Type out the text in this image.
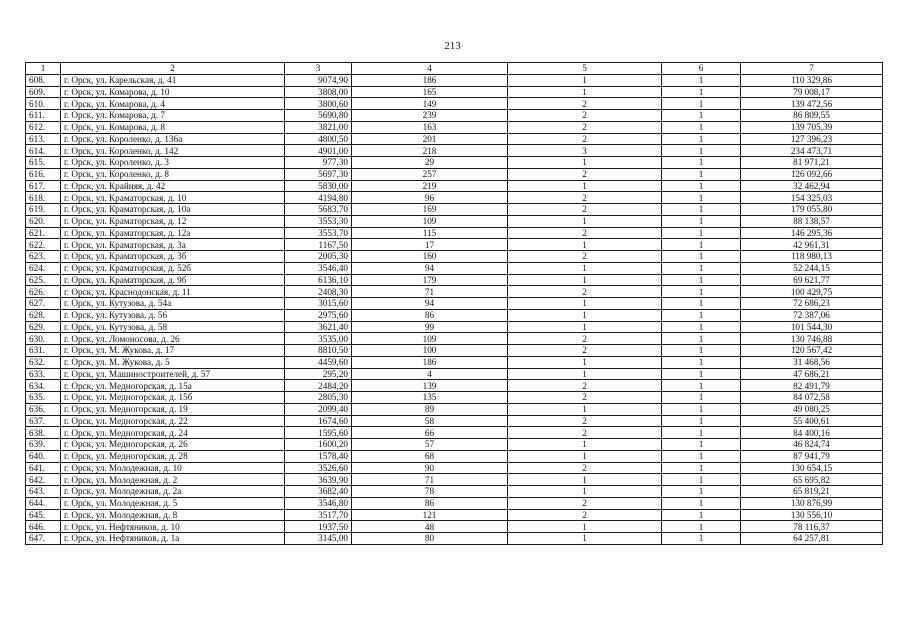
213
1	2	3	4	5	6	7
608.	г. Орск, ул. Карельская, д. 41	9074,90	186	1	1	110 329,86
609.	г. Орск, ул. Комарова, д. 10	3808,00	165	1	1	79 008,17
610.	г. Орск, ул. Комарова, д. 4	3800,60	149	2	1	139 472,56
611.	г. Орск, ул. Комарова, д. 7	5690,80	239	2	1	86 809,55
612.	г. Орск, ул. Комарова, д. 8	3821,00	163	2	1	139 705,39
613.	г. Орск, ул. Короленко, д. 136а	4800,50	201	2	1	127 396,23
614.	г. Орск, ул. Короленко, д. 142	4901,00	218	3	1	234 473,71
615.	г. Орск, ул. Короленко, д. 3	977,30	29	1	1	81 971,21
616.	г. Орск, ул. Короленко, д. 8	5697,30	257	2	1	126 092,66
617.	г. Орск, ул. Крайняя, д. 42	5830,00	219	1	1	32 462,94
618.	г. Орск, ул. Краматорская, д. 10	4194,80	96	2	1	154 325,03
619.	г. Орск, ул. Краматорская, д. 10а	5683,70	169	2	1	179 055,80
620.	г. Орск, ул. Краматорская, д. 12	3553,30	109	1	1	88 138,57
621.	г. Орск, ул. Краматорская, д. 12а	3553,70	115	2	1	146 295,36
622.	г. Орск, ул. Краматорская, д. 3а	1167,50	17	1	1	42 961,31
623.	г. Орск, ул. Краматорская, д. 3б	2005,30	160	2	1	118 980,13
624.	г. Орск, ул. Краматорская, д. 52б	3546,40	94	1	1	52 244,15
625.	г. Орск, ул. Краматорская, д. 9б	6136,10	179	1	1	69 621,77
626.	г. Орск, ул. Краснодонская, д. 11	2408,30	71	2	1	100 429,75
627.	г. Орск, ул. Кутузова, д. 54а	3015,60	94	1	1	72 686,23
628.	г. Орск, ул. Кутузова, д. 56	2975,60	86	1	1	72 387,06
629.	г. Орск, ул. Кутузова, д. 58	3621,40	99	1	1	101 544,30
630.	г. Орск, ул. Ломоносова, д. 26	3535,00	109	2	1	130 746,88
631.	г. Орск, ул. М. Жукова, д. 17	8810,50	100	2	1	120 567,42
632.	г. Орск, ул. М. Жукова, д. 5	4459,60	186	1	1	31 468,56
633.	г. Орск, ул. Машиностроителей, д. 57	295,20	4	1	1	47 686,21
634.	г. Орск, ул. Медногорская, д. 15а	2484,20	139	2	1	82 491,79
635.	г. Орск, ул. Медногорская, д. 15б	2805,30	135	2	1	84 072,58
636.	г. Орск, ул. Медногорская, д. 19	2099,40	89	1	1	49 080,25
637.	г. Орск, ул. Медногорская, д. 22	1674,60	58	2	1	55 400,61
638.	г. Орск, ул. Медногорская, д. 24	1595,60	66	2	1	84 400,16
639.	г. Орск, ул. Медногорская, д. 26	1600,20	57	1	1	46 824,74
640.	г. Орск, ул. Медногорская, д. 28	1578,40	68	1	1	87 941,79
641.	г. Орск, ул. Молодежная, д. 10	3526,60	90	2	1	130 654,15
642.	г. Орск, ул. Молодежная, д. 2	3639,90	71	1	1	65 695,82
643.	г. Орск, ул. Молодежная, д. 2а	3682,40	78	1	1	65 819,21
644.	г. Орск, ул. Молодежная, д. 5	3546,80	86	2	1	130 876,99
645.	г. Орск, ул. Молодежная, д. 8	3517,70	121	2	1	130 556,10
646.	г. Орск, ул. Нефтяников, д. 10	1937,50	48	1	1	78 116,37
647.	г. Орск, ул. Нефтяников, д. 1а	3145,00	80	1	1	64 257,81
